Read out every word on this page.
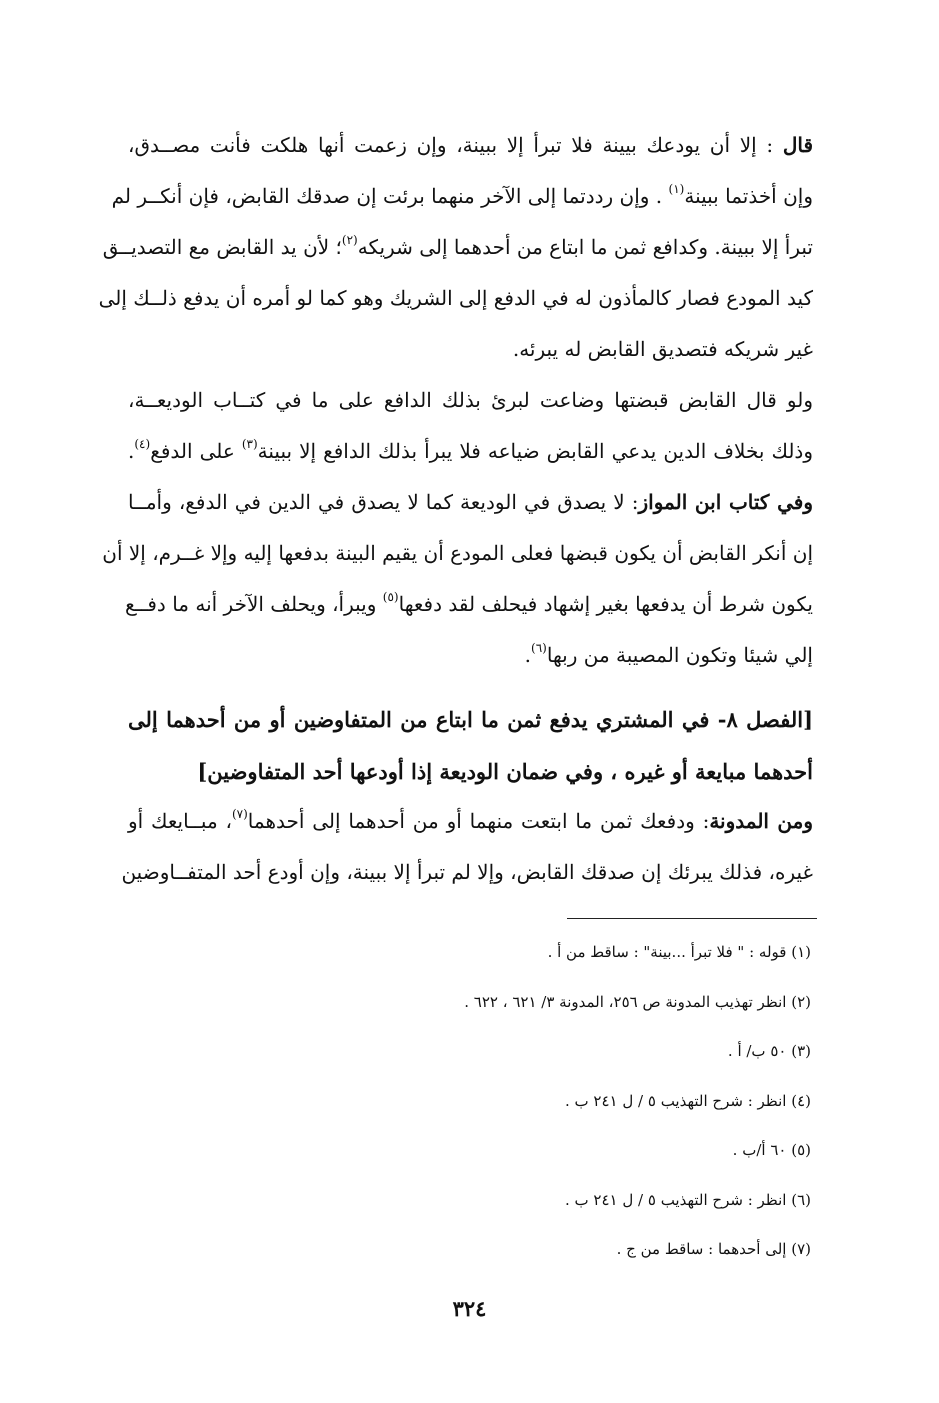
قال : إلا أن يودعك بيينة فلا تبرأ إلا ببينة، وإن زعمت أنها هلكت فأنت مصــدق،
وإن أخذتما ببينة$^{(١)}$ . وإن رددتما إلى الآخر منهما برئت إن صدقك القابض، فإن أنكــر لم
تبرأ إلا ببينة. وكدافع ثمن ما ابتاع من أحدهما إلى شريكه$^{(٢)}$؛ لأن يد القابض مع التصديــق
كيد المودع فصار كالمأذون له في الدفع إلى الشريك وهو كما لو أمره أن يدفع ذلــك إلى
غير شريكه فتصديق القابض له يبرئه.
ولو قال القابض قبضتها وضاعت لبرئ بذلك الدافع على ما في كتــاب الوديعــة،
وذلك بخلاف الدين يدعي القابض ضياعه فلا يبرأ بذلك الدافع إلا ببينة$^{(٣)}$ على الدفع$^{(٤)}$.
وفي كتاب ابن المواز: لا يصدق في الوديعة كما لا يصدق في الدين في الدفع، وأمــا
إن أنكر القابض أن يكون قبضها فعلى المودع أن يقيم البينة بدفعها إليه وإلا غــرم، إلا أن
يكون شرط أن يدفعها بغير إشهاد فيحلف لقد دفعها$^{(٥)}$ ويبرأ، ويحلف الآخر أنه ما دفــع
إلي شيئا وتكون المصيبة من ربها$^{(٦)}$.
[الفصل ٨- في المشتري يدفع ثمن ما ابتاع من المتفاوضين أو من أحدهما إلى
أحدهما مبايعة أو غيره ، وفي ضمان الوديعة إذا أودعها أحد المتفاوضين]
ومن المدونة: ودفعك ثمن ما ابتعت منهما أو من أحدهما إلى أحدهما$^{(٧)}$، مبــايعك أو
غيره، فذلك يبرئك إن صدقك القابض، وإلا لم تبرأ إلا ببينة، وإن أودع أحد المتفــاوضين
(١) قوله : " فلا تبرأ ...بينة" : ساقط من أ .
(٢) انظر تهذيب المدونة ص ٢٥٦، المدونة ٣/ ٦٢١ ، ٦٢٢ .
(٣) ٥٠ ب/ أ .
(٤) انظر : شرح التهذيب ٥ / ل ٢٤١ ب .
(٥) ٦٠ أ/ب .
(٦) انظر : شرح التهذيب ٥ / ل ٢٤١ ب .
(٧) إلى أحدهما : ساقط من ج .
٣٢٤
